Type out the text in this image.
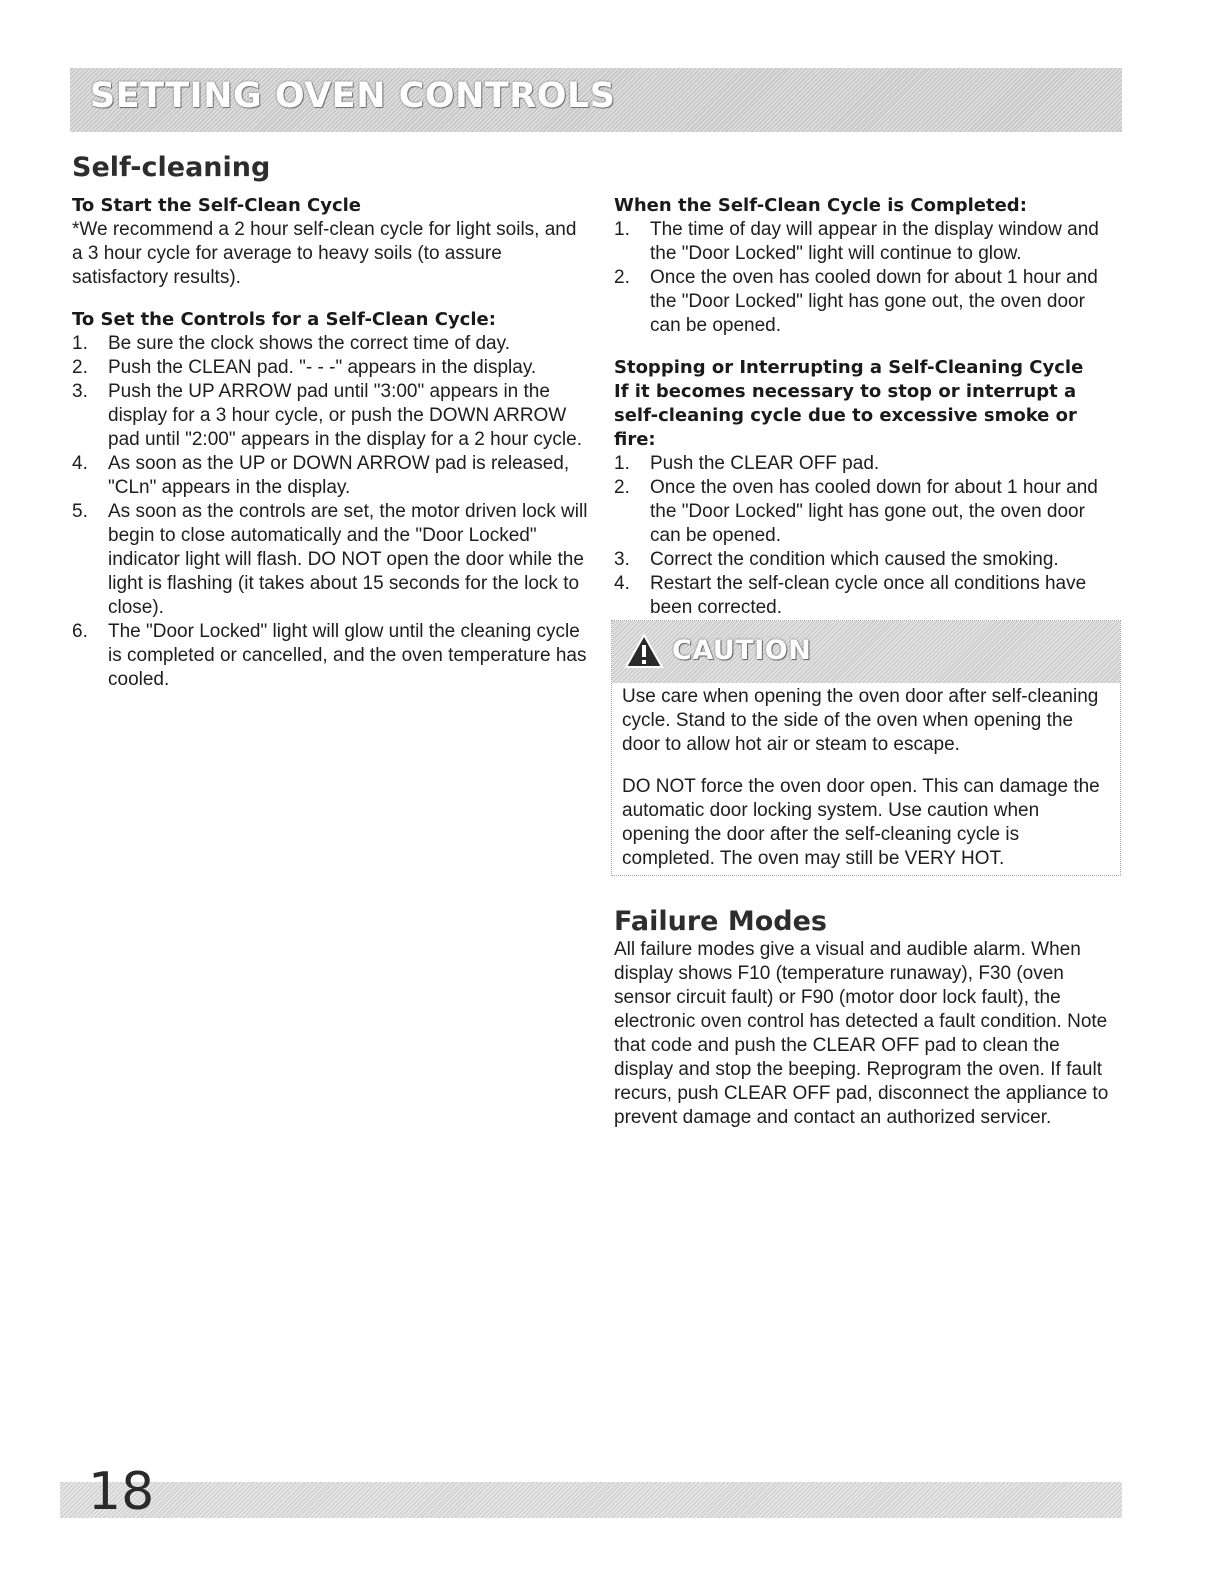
SETTING OVEN CONTROLS
Self-cleaning
To Start the Self-Clean Cycle

*We recommend a 2 hour self-clean cycle for light soils, and a 3 hour cycle for average to heavy soils (to assure satisfactory results).

To Set the Controls for a Self-Clean Cycle:
1. Be sure the clock shows the correct time of day.
2. Push the CLEAN pad. "- - -" appears in the display.
3. Push the UP ARROW pad until "3:00" appears in the display for a 3 hour cycle, or push the DOWN ARROW pad until "2:00" appears in the display for a 2 hour cycle.
4. As soon as the UP or DOWN ARROW pad is released, "CLn" appears in the display.
5. As soon as the controls are set, the motor driven lock will begin to close automatically and the "Door Locked" indicator light will flash. DO NOT open the door while the light is flashing (it takes about 15 seconds for the lock to close).
6. The "Door Locked" light will glow until the cleaning cycle is completed or cancelled, and the oven temperature has cooled.
When the Self-Clean Cycle is Completed:
1. The time of day will appear in the display window and the "Door Locked" light will continue to glow.
2. Once the oven has cooled down for about 1 hour and the "Door Locked" light has gone out, the oven door can be opened.
Stopping or Interrupting a Self-Cleaning Cycle
If it becomes necessary to stop or interrupt a self-cleaning cycle due to excessive smoke or fire:
1. Push the CLEAR OFF pad.
2. Once the oven has cooled down for about 1 hour and the "Door Locked" light has gone out, the oven door can be opened.
3. Correct the condition which caused the smoking.
4. Restart the self-clean cycle once all conditions have been corrected.
CAUTION

Use care when opening the oven door after self-cleaning cycle. Stand to the side of the oven when opening the door to allow hot air or steam to escape.

DO NOT force the oven door open. This can damage the automatic door locking system. Use caution when opening the door after the self-cleaning cycle is completed. The oven may still be VERY HOT.

Failure Modes

All failure modes give a visual and audible alarm. When display shows F10 (temperature runaway), F30 (oven sensor circuit fault) or F90 (motor door lock fault), the electronic oven control has detected a fault condition. Note that code and push the CLEAR OFF pad to clean the display and stop the beeping. Reprogram the oven. If fault recurs, push CLEAR OFF pad, disconnect the appliance to prevent damage and contact an authorized servicer.

18
